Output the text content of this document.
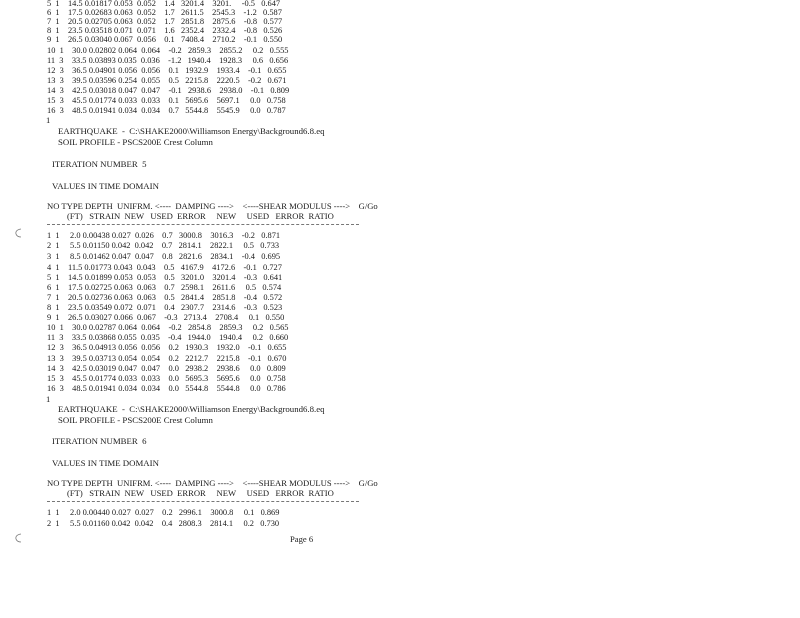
5  1    14.5 0.01817 0.053  0.052    1.4   3201.4    3201.     -0.5   0.647
6  1    17.5 0.02683 0.063  0.052    1.7   2611.5    2545.3    -1.2   0.587
7  1    20.5 0.02705 0.063  0.052    1.7   2851.8    2875.6    -0.8   0.577
8  1    23.5 0.03518 0.071  0.071    1.6   2352.4    2332.4    -0.8   0.526
9  1    26.5 0.03040 0.067  0.056    0.1   7408.4    2710.2    -0.1   0.550
10  1    30.0 0.02802 0.064  0.064    -0.2   2859.3    2855.2     0.2   0.555
11  3    33.5 0.03893 0.035  0.036    -1.2   1940.4    1928.3     0.6   0.656
12  3    36.5 0.04901 0.056  0.056    0.1   1932.9    1933.4    -0.1   0.655
13  3    39.5 0.03596 0.254  0.055    0.5   2215.8    2220.5    -0.2   0.671
14  3    42.5 0.03018 0.047  0.047    -0.1   2938.6    2938.0    -0.1   0.809
15  3    45.5 0.01774 0.033  0.033    0.1   5695.6    5697.1     0.0   0.758
16  3    48.5 0.01941 0.034  0.034    0.7   5544.8    5545.9     0.0   0.787
1
EARTHQUAKE  -  C:\SHAKE2000\Williamson Energy\Background6.8.eq
SOIL PROFILE - PSCS200E Crest Column
ITERATION NUMBER  5
VALUES IN TIME DOMAIN
NO TYPE DEPTH  UNIFRM. <----  DAMPING ---->    <----SHEAR MODULUS ---->    G/Go
(FT)   STRAIN  NEW   USED  ERROR     NEW     USED   ERROR  RATIO
1  1     2.0 0.00438 0.027  0.026    0.7   3000.8    3016.3    -0.2   0.871
2  1     5.5 0.01150 0.042  0.042    0.7   2814.1    2822.1     0.5   0.733
3  1     8.5 0.01462 0.047  0.047    0.8   2821.6    2834.1    -0.4   0.695
4  1    11.5 0.01773 0.043  0.043    0.5   4167.9    4172.6    -0.1   0.727
5  1    14.5 0.01899 0.053  0.053    0.5   3201.0    3201.4    -0.3   0.641
6  1    17.5 0.02725 0.063  0.063    0.7   2598.1    2611.6     0.5   0.574
7  1    20.5 0.02736 0.063  0.063    0.5   2841.4    2851.8    -0.4   0.572
8  1    23.5 0.03549 0.072  0.071    0.4   2307.7    2314.6    -0.3   0.523
9  1    26.5 0.03027 0.066  0.067    -0.3   2713.4    2708.4     0.1   0.550
10  1    30.0 0.02787 0.064  0.064    -0.2   2854.8    2859.3     0.2   0.565
11  3    33.5 0.03868 0.055  0.035    -0.4   1944.0    1940.4     0.2   0.660
12  3    36.5 0.04913 0.056  0.056    0.2   1930.3    1932.0    -0.1   0.655
13  3    39.5 0.03713 0.054  0.054    0.2   2212.7    2215.8    -0.1   0.670
14  3    42.5 0.03019 0.047  0.047    0.0   2938.2    2938.6     0.0   0.809
15  3    45.5 0.01774 0.033  0.033    0.0   5695.3    5695.6     0.0   0.758
16  3    48.5 0.01941 0.034  0.034    0.0   5544.8    5544.8     0.0   0.786
1
EARTHQUAKE  -  C:\SHAKE2000\Williamson Energy\Background6.8.eq
SOIL PROFILE - PSCS200E Crest Column
ITERATION NUMBER  6
VALUES IN TIME DOMAIN
NO TYPE DEPTH  UNIFRM. <----  DAMPING ---->    <----SHEAR MODULUS ---->    G/Go
(FT)   STRAIN  NEW   USED  ERROR     NEW     USED   ERROR  RATIO
1  1     2.0 0.00440 0.027  0.027    0.2   2996.1    3000.8     0.1   0.869
2  1     5.5 0.01160 0.042  0.042    0.4   2808.3    2814.1     0.2   0.730
Page 6
